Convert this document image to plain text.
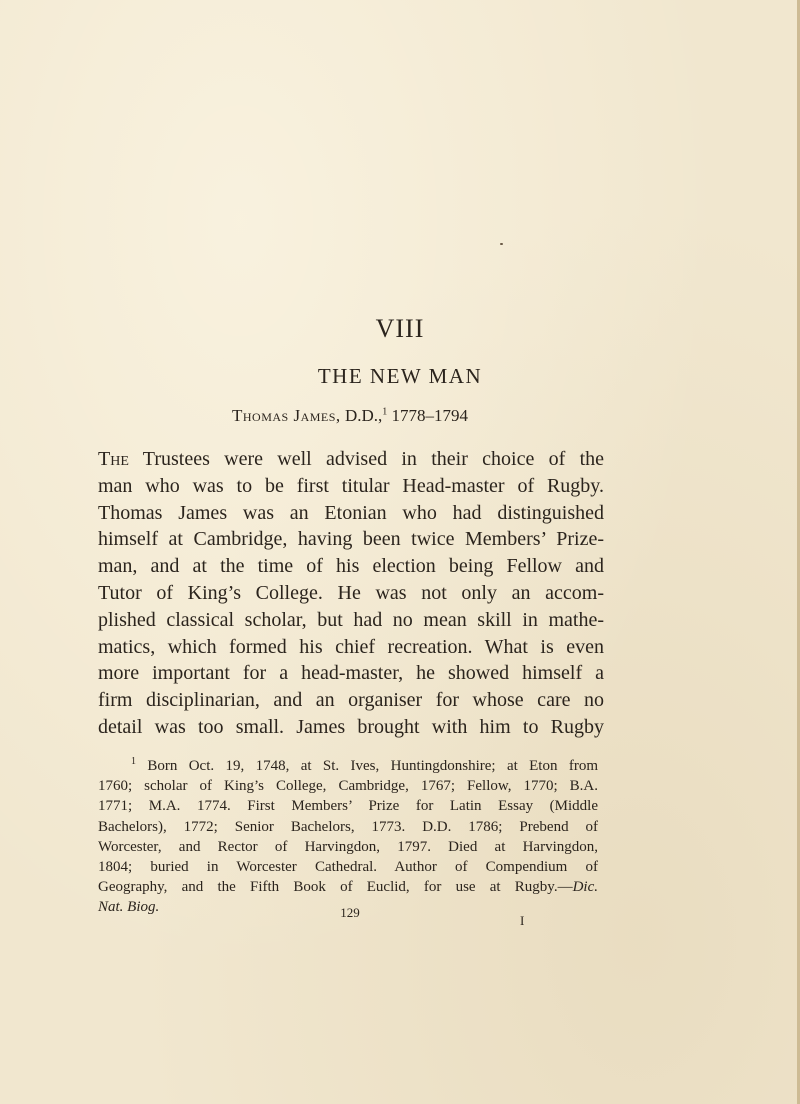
VIII
THE NEW MAN
Thomas James, D.D.,$^1$ 1778–1794
The Trustees were well advised in their choice of the
man who was to be first titular Head-master of Rugby.
Thomas James was an Etonian who had distinguished
himself at Cambridge, having been twice Members’ Prize-
man, and at the time of his election being Fellow and
Tutor of King’s College. He was not only an accom-
plished classical scholar, but had no mean skill in mathe-
matics, which formed his chief recreation. What is even
more important for a head-master, he showed himself a
firm disciplinarian, and an organiser for whose care no
detail was too small. James brought with him to Rugby
$^1$ Born Oct. 19, 1748, at St. Ives, Huntingdonshire; at Eton from
1760; scholar of King’s College, Cambridge, 1767; Fellow, 1770; B.A.
1771; M.A. 1774. First Members’ Prize for Latin Essay (Middle
Bachelors), 1772; Senior Bachelors, 1773. D.D. 1786; Prebend of
Worcester, and Rector of Harvingdon, 1797. Died at Harvingdon,
1804; buried in Worcester Cathedral. Author of Compendium of
Geography, and the Fifth Book of Euclid, for use at Rugby.—Dic.
Nat. Biog.	129
I
